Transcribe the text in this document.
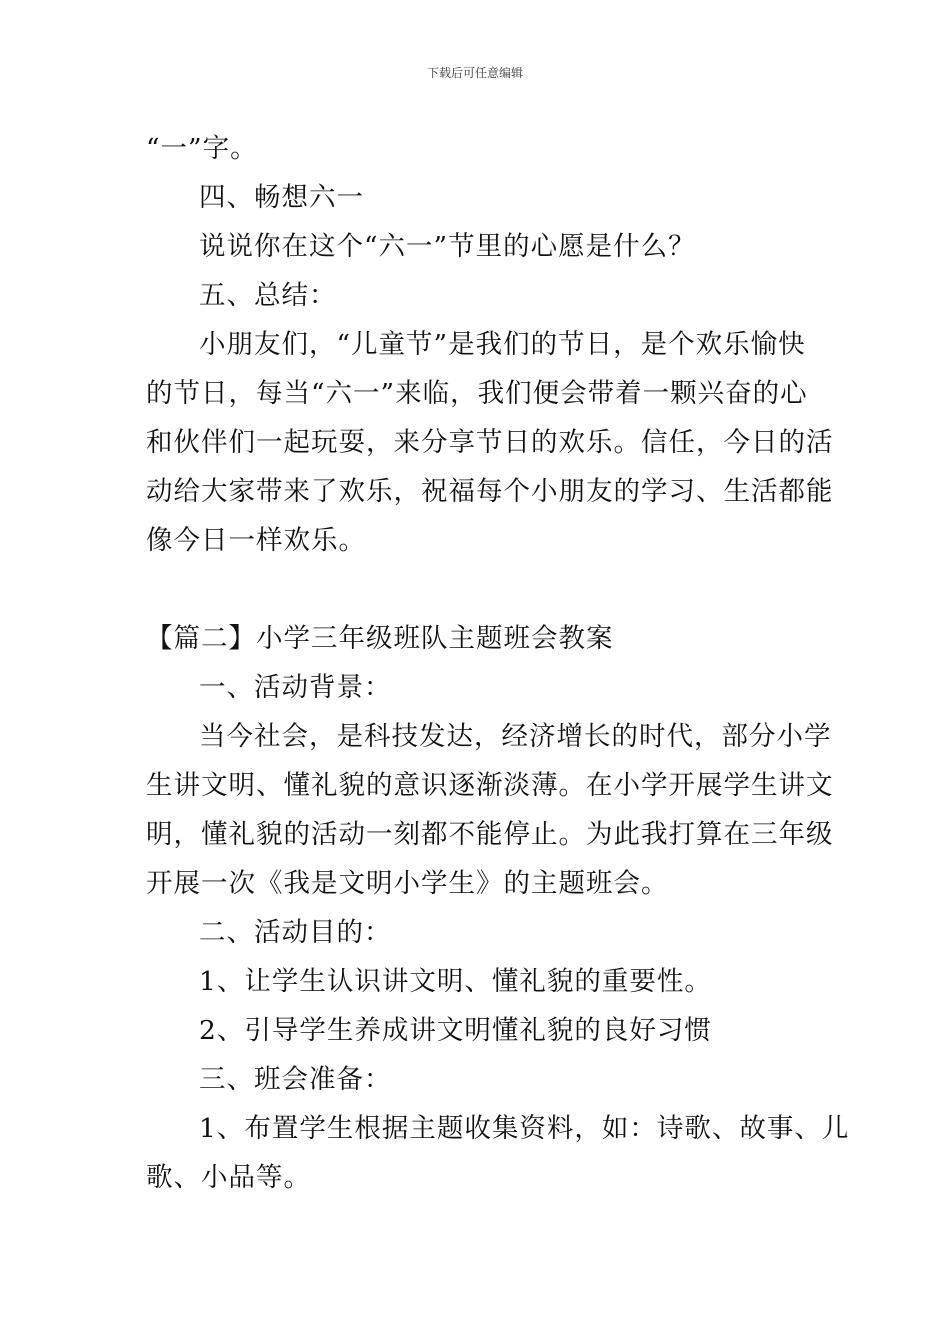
下载后可任意编辑
“一”字。
四、畅想六一
说说你在这个“六一”节里的心愿是什么？
五、总结：
小朋友们，“儿童节”是我们的节日，是个欢乐愉快
的节日，每当“六一”来临，我们便会带着一颗兴奋的心
和伙伴们一起玩耍，来分享节日的欢乐。信任，今日的活
动给大家带来了欢乐，祝福每个小朋友的学习、生活都能
像今日一样欢乐。
【篇二】小学三年级班队主题班会教案
一、活动背景：
当今社会，是科技发达，经济增长的时代，部分小学
生讲文明、懂礼貌的意识逐渐淡薄。在小学开展学生讲文
明，懂礼貌的活动一刻都不能停止。为此我打算在三年级
开展一次《我是文明小学生》的主题班会。
二、活动目的：
1、让学生认识讲文明、懂礼貌的重要性。
2、引导学生养成讲文明懂礼貌的良好习惯
三、班会准备：
1、布置学生根据主题收集资料，如：诗歌、故事、儿
歌、小品等。
